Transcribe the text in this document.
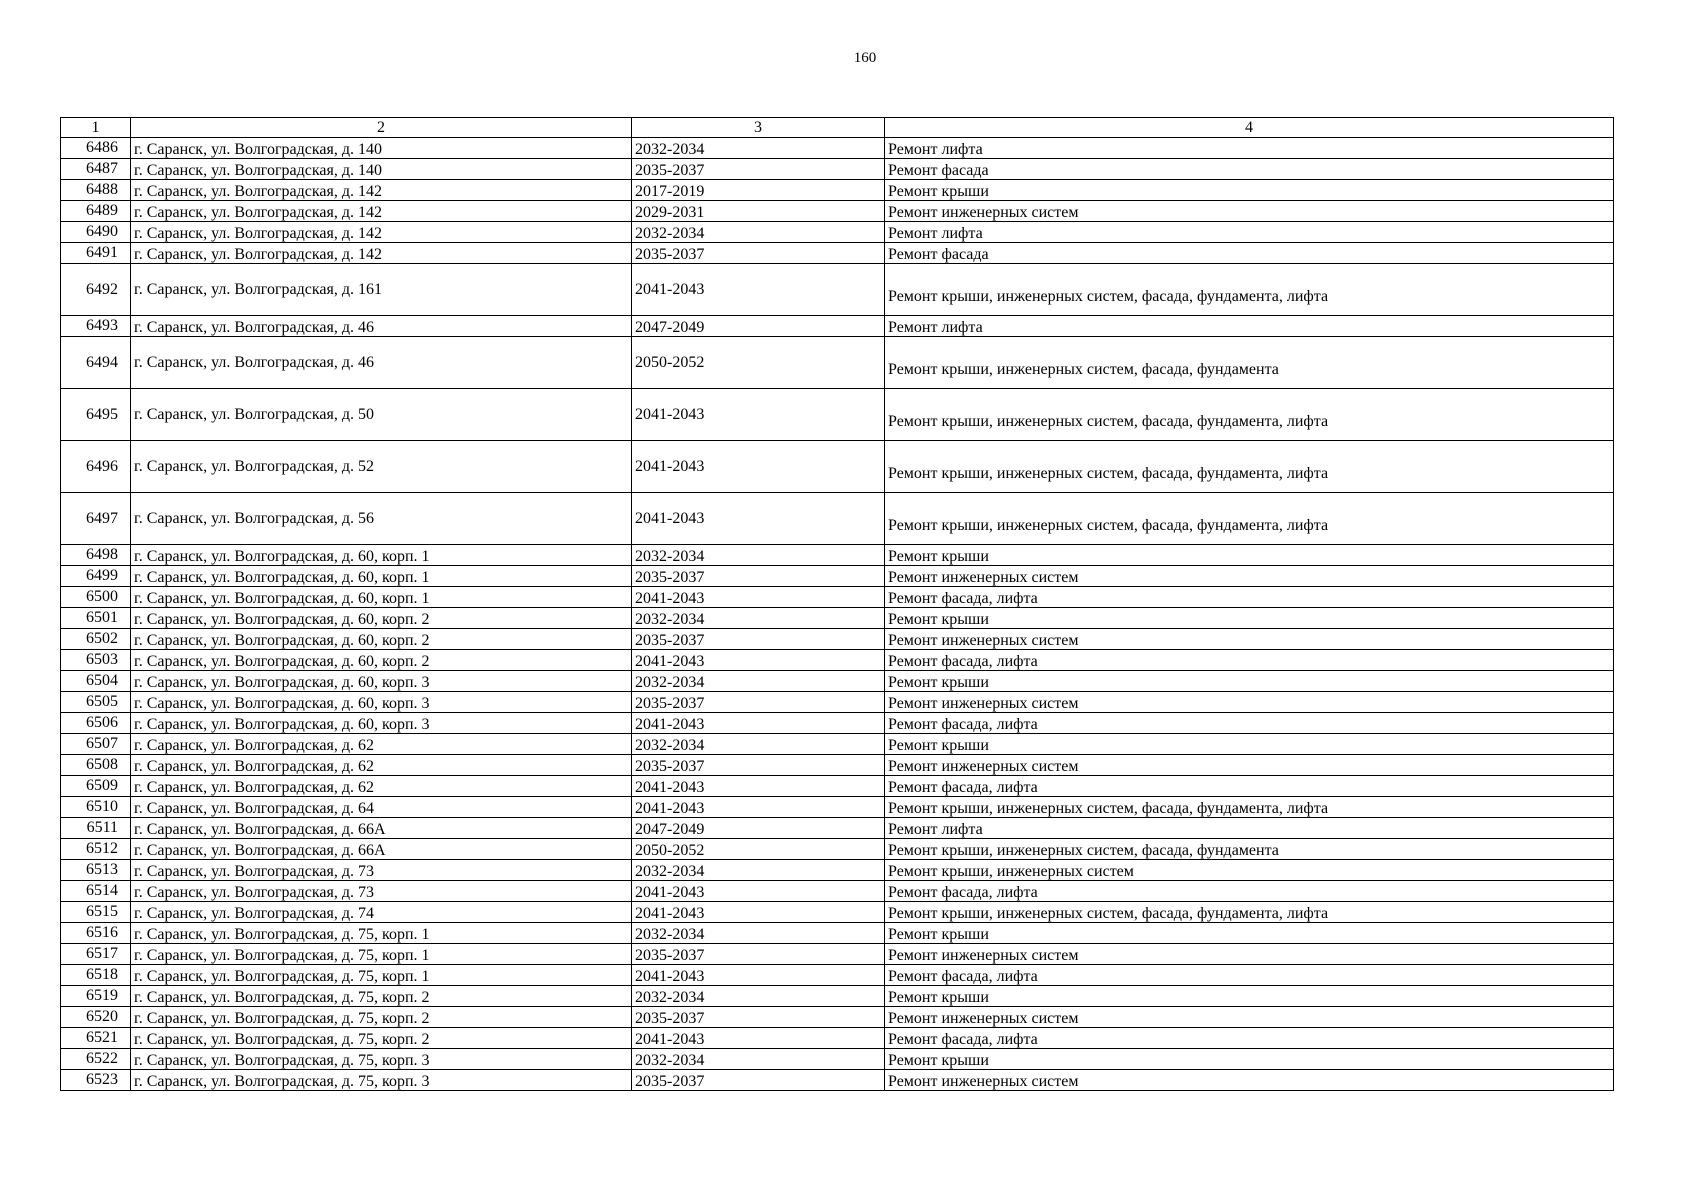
160
1	2	3	4
6486	г. Саранск, ул. Волгоградская, д. 140	2032-2034	Ремонт лифта
6487	г. Саранск, ул. Волгоградская, д. 140	2035-2037	Ремонт фасада
6488	г. Саранск, ул. Волгоградская, д. 142	2017-2019	Ремонт крыши
6489	г. Саранск, ул. Волгоградская, д. 142	2029-2031	Ремонт инженерных систем
6490	г. Саранск, ул. Волгоградская, д. 142	2032-2034	Ремонт лифта
6491	г. Саранск, ул. Волгоградская, д. 142	2035-2037	Ремонт фасада
6492	г. Саранск, ул. Волгоградская, д. 161	2041-2043	Ремонт крыши, инженерных систем, фасада, фундамента, лифта
6493	г. Саранск, ул. Волгоградская, д. 46	2047-2049	Ремонт лифта
6494	г. Саранск, ул. Волгоградская, д. 46	2050-2052	Ремонт крыши, инженерных систем, фасада, фундамента
6495	г. Саранск, ул. Волгоградская, д. 50	2041-2043	Ремонт крыши, инженерных систем, фасада, фундамента, лифта
6496	г. Саранск, ул. Волгоградская, д. 52	2041-2043	Ремонт крыши, инженерных систем, фасада, фундамента, лифта
6497	г. Саранск, ул. Волгоградская, д. 56	2041-2043	Ремонт крыши, инженерных систем, фасада, фундамента, лифта
6498	г. Саранск, ул. Волгоградская, д. 60, корп. 1	2032-2034	Ремонт крыши
6499	г. Саранск, ул. Волгоградская, д. 60, корп. 1	2035-2037	Ремонт инженерных систем
6500	г. Саранск, ул. Волгоградская, д. 60, корп. 1	2041-2043	Ремонт фасада, лифта
6501	г. Саранск, ул. Волгоградская, д. 60, корп. 2	2032-2034	Ремонт крыши
6502	г. Саранск, ул. Волгоградская, д. 60, корп. 2	2035-2037	Ремонт инженерных систем
6503	г. Саранск, ул. Волгоградская, д. 60, корп. 2	2041-2043	Ремонт фасада, лифта
6504	г. Саранск, ул. Волгоградская, д. 60, корп. 3	2032-2034	Ремонт крыши
6505	г. Саранск, ул. Волгоградская, д. 60, корп. 3	2035-2037	Ремонт инженерных систем
6506	г. Саранск, ул. Волгоградская, д. 60, корп. 3	2041-2043	Ремонт фасада, лифта
6507	г. Саранск, ул. Волгоградская, д. 62	2032-2034	Ремонт крыши
6508	г. Саранск, ул. Волгоградская, д. 62	2035-2037	Ремонт инженерных систем
6509	г. Саранск, ул. Волгоградская, д. 62	2041-2043	Ремонт фасада, лифта
6510	г. Саранск, ул. Волгоградская, д. 64	2041-2043	Ремонт крыши, инженерных систем, фасада, фундамента, лифта
6511	г. Саранск, ул. Волгоградская, д. 66А	2047-2049	Ремонт лифта
6512	г. Саранск, ул. Волгоградская, д. 66А	2050-2052	Ремонт крыши, инженерных систем, фасада, фундамента
6513	г. Саранск, ул. Волгоградская, д. 73	2032-2034	Ремонт крыши, инженерных систем
6514	г. Саранск, ул. Волгоградская, д. 73	2041-2043	Ремонт фасада, лифта
6515	г. Саранск, ул. Волгоградская, д. 74	2041-2043	Ремонт крыши, инженерных систем, фасада, фундамента, лифта
6516	г. Саранск, ул. Волгоградская, д. 75, корп. 1	2032-2034	Ремонт крыши
6517	г. Саранск, ул. Волгоградская, д. 75, корп. 1	2035-2037	Ремонт инженерных систем
6518	г. Саранск, ул. Волгоградская, д. 75, корп. 1	2041-2043	Ремонт фасада, лифта
6519	г. Саранск, ул. Волгоградская, д. 75, корп. 2	2032-2034	Ремонт крыши
6520	г. Саранск, ул. Волгоградская, д. 75, корп. 2	2035-2037	Ремонт инженерных систем
6521	г. Саранск, ул. Волгоградская, д. 75, корп. 2	2041-2043	Ремонт фасада, лифта
6522	г. Саранск, ул. Волгоградская, д. 75, корп. 3	2032-2034	Ремонт крыши
6523	г. Саранск, ул. Волгоградская, д. 75, корп. 3	2035-2037	Ремонт инженерных систем
